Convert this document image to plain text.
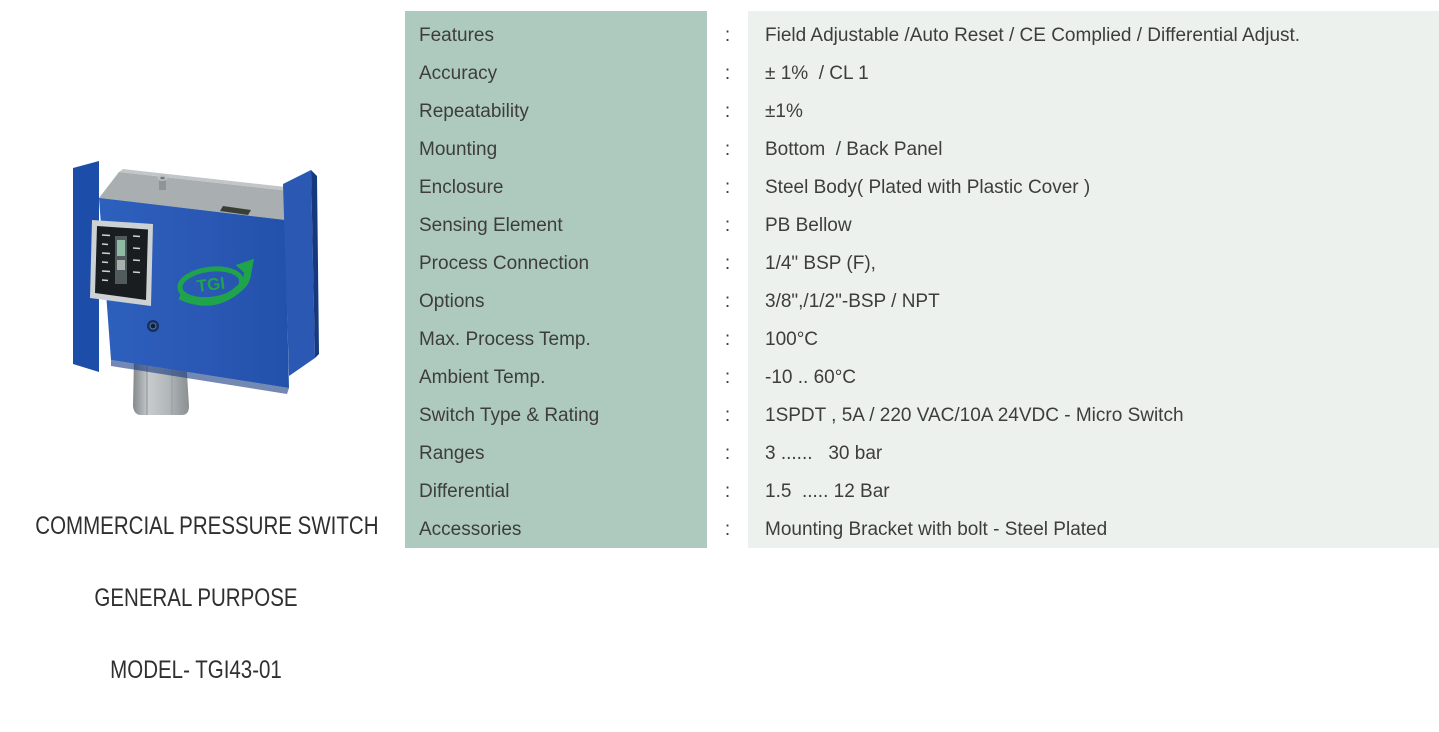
TGI

COMMERCIAL PRESSURE SWITCH

GENERAL PURPOSE

MODEL- TGI43-01

Features	:	Field Adjustable /Auto Reset / CE Complied / Differential Adjust.
Accuracy	:	± 1%  / CL 1
Repeatability	:	±1%
Mounting	:	Bottom  / Back Panel
Enclosure	:	Steel Body( Plated with Plastic Cover )
Sensing Element	:	PB Bellow
Process Connection	:	1/4" BSP (F),
Options	:	3/8",/1/2"-BSP / NPT
Max. Process Temp.	:	100°C
Ambient Temp.	:	-10 .. 60°C
Switch Type & Rating	:	1SPDT , 5A / 220 VAC/10A 24VDC - Micro Switch
Ranges	:	3 ......   30 bar
Differential	:	1.5  ..... 12 Bar
Accessories	:	Mounting Bracket with bolt - Steel Plated
